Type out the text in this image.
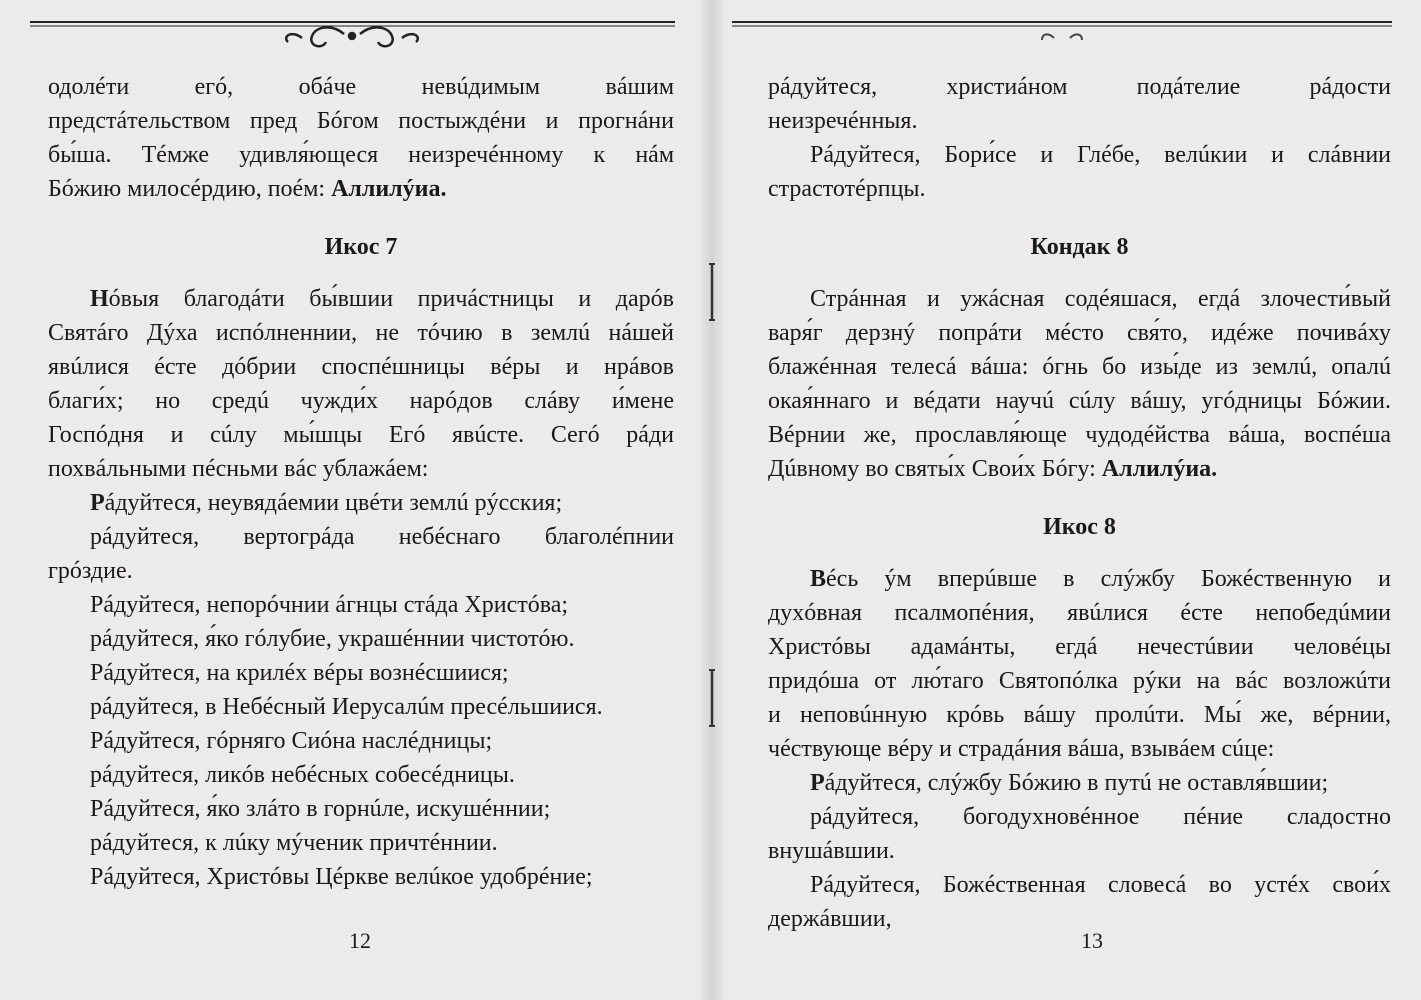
одолéти егó, обáче невúдимым вáшим

предстáтельством пред Бóгом постыждéни и прогнáни

бы́ша. Тéмже удивля́ющеся неизречéнному к нáм

Бóжию милосéрдию, поéм: Аллилýиа.

Икос 7

Нóвыя благодáти бы́вшии причáстницы и дарóв

Святáго Дýха испóлненнии, не тóчию в землú нáшей

явúлися éсте дóбрии споспéшницы вéры и нрáвов

благи́х; но средú чужди́х нарóдов слáву и́мене

Госпóдня и сúлу мы́шцы Егó явúсте. Сегó рáди

похвáльными пéсньми вáс ублажáем:

Рáдуйтеся, неувядáемии цвéти землú рýсския;

рáдуйтеся, вертогрáда небéснаго благолéпнии

грóздие.

Рáдуйтеся, непорóчнии áгнцы стáда Христóва;

рáдуйтеся, я́ко гóлубие, украшéннии чистотóю.

Рáдуйтеся, на крилéх вéры вознéсшиися;

рáдуйтеся, в Небéсный Иерусалúм пресéльшиися.

Рáдуйтеся, гóрняго Сиóна наслéдницы;

рáдуйтеся, ликóв небéсных собесéдницы.

Рáдуйтеся, я́ко злáто в горнúле, искушéннии;

рáдуйтеся, к лúку мýченик причтéннии.

Рáдуйтеся, Христóвы Цéркве велúкое удобрéние;

12

рáдуйтеся, христиáном подáтелие рáдости

неизречéнныя.

Рáдуйтеся, Бори́се и Глéбе, велúкии и слáвнии

страстотéрпцы.

Кондак 8

Стрáнная и ужáсная содéяшася, егдá злочести́вый

варя́г дерзнý попрáти мéсто свя́то, идéже почивáху

блажéнная телесá вáша: óгнь бо изы́де из землú, опалú

окая́ннаго и вéдати научú сúлу вáшу, угóдницы Бóжии.

Вéрнии же, прославля́юще чудодéйства вáша, воспéша

Дúвному во святы́х Свои́х Бóгу: Аллилýиа.

Икос 8

Вéсь ýм вперúвше в слýжбу Божéственную и

духóвная псалмопéния, явúлися éсте непобедúмии

Христóвы адамáнты, егдá нечестúвии человéцы

придóша от лю́таго Святопóлка рýки на вáс возложúти

и неповúнную крóвь вáшу пролúти. Мы́ же, вéрнии,

чéствующе вéру и страдáния вáша, взывáем сúце:

Рáдуйтеся, слýжбу Бóжию в путú не оставля́вшии;

рáдуйтеся, богодухновéнное пéние сладостно

внушáвшии.

Рáдуйтеся, Божéственная словесá во устéх свои́х

держáвшии,

13
